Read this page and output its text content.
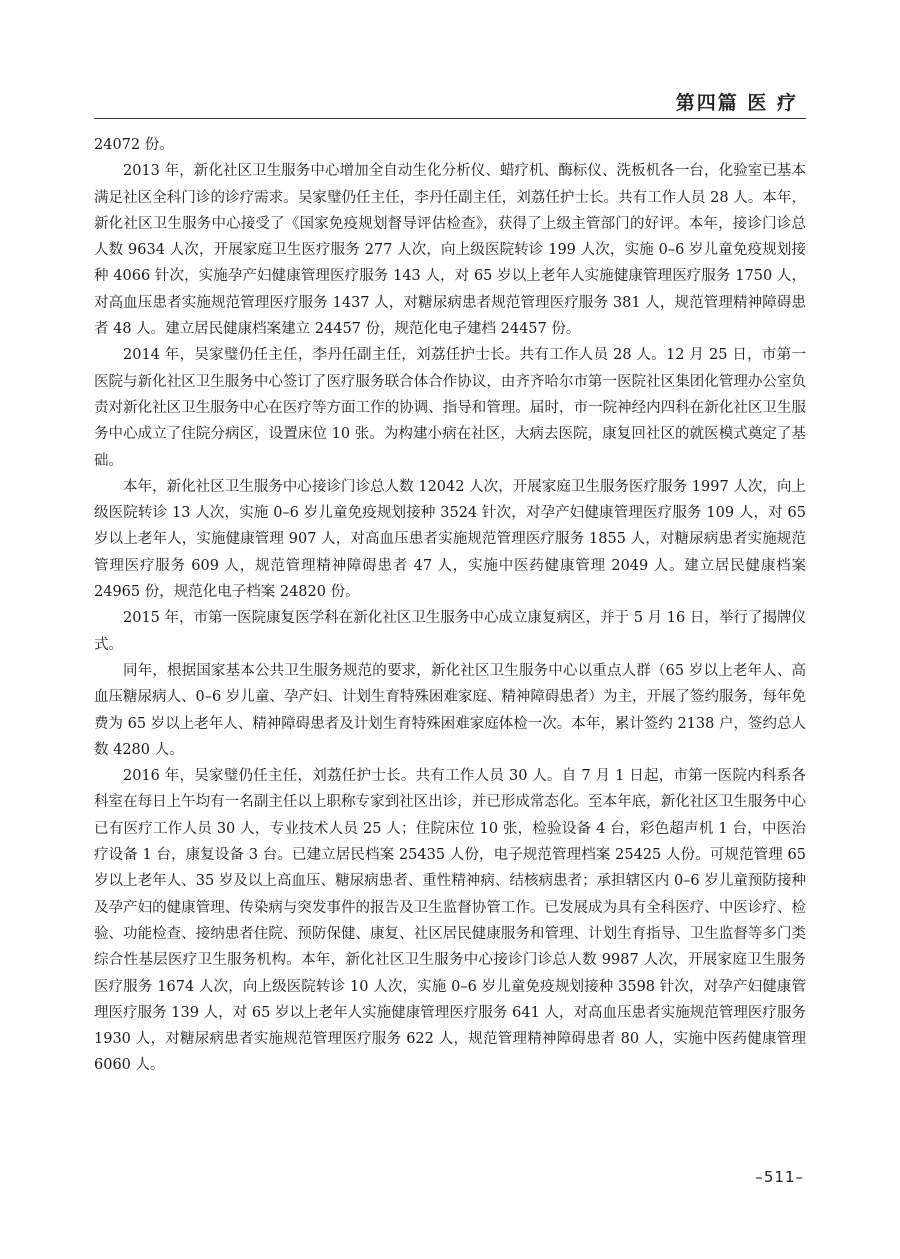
第四篇 医 疗

24072 份。

2013 年，新化社区卫生服务中心增加全自动生化分析仪、蜡疗机、酶标仪、洗板机各一台，化验室已基本满足社区全科门诊的诊疗需求。吴家璧仍任主任，李丹任副主任，刘荔任护士长。共有工作人员 28 人。本年，新化社区卫生服务中心接受了《国家免疫规划督导评估检查》，获得了上级主管部门的好评。本年，接诊门诊总人数 9634 人次，开展家庭卫生医疗服务 277 人次，向上级医院转诊 199 人次，实施 0–6 岁儿童免疫规划接种 4066 针次，实施孕产妇健康管理医疗服务 143 人，对 65 岁以上老年人实施健康管理医疗服务 1750 人，对高血压患者实施规范管理医疗服务 1437 人，对糖尿病患者规范管理医疗服务 381 人，规范管理精神障碍患者 48 人。建立居民健康档案建立 24457 份，规范化电子建档 24457 份。

2014 年，吴家璧仍任主任，李丹任副主任，刘荔任护士长。共有工作人员 28 人。12 月 25 日，市第一医院与新化社区卫生服务中心签订了医疗服务联合体合作协议，由齐齐哈尔市第一医院社区集团化管理办公室负责对新化社区卫生服务中心在医疗等方面工作的协调、指导和管理。届时，市一院神经内四科在新化社区卫生服务中心成立了住院分病区，设置床位 10 张。为构建小病在社区，大病去医院，康复回社区的就医模式奠定了基础。

本年，新化社区卫生服务中心接诊门诊总人数 12042 人次，开展家庭卫生服务医疗服务 1997 人次，向上级医院转诊 13 人次，实施 0–6 岁儿童免疫规划接种 3524 针次，对孕产妇健康管理医疗服务 109 人，对 65 岁以上老年人，实施健康管理 907 人，对高血压患者实施规范管理医疗服务 1855 人，对糖尿病患者实施规范管理医疗服务 609 人，规范管理精神障碍患者 47 人，实施中医药健康管理 2049 人。建立居民健康档案 24965 份，规范化电子档案 24820 份。

2015 年，市第一医院康复医学科在新化社区卫生服务中心成立康复病区，并于 5 月 16 日，举行了揭牌仪式。

同年，根据国家基本公共卫生服务规范的要求，新化社区卫生服务中心以重点人群（65 岁以上老年人、高血压糖尿病人、0–6 岁儿童、孕产妇、计划生育特殊困难家庭、精神障碍患者）为主，开展了签约服务，每年免费为 65 岁以上老年人、精神障碍患者及计划生育特殊困难家庭体检一次。本年，累计签约 2138 户，签约总人数 4280 人。

2016 年，吴家璧仍任主任，刘荔任护士长。共有工作人员 30 人。自 7 月 1 日起，市第一医院内科系各科室在每日上午均有一名副主任以上职称专家到社区出诊，并已形成常态化。至本年底，新化社区卫生服务中心已有医疗工作人员 30 人，专业技术人员 25 人；住院床位 10 张，检验设备 4 台，彩色超声机 1 台，中医治疗设备 1 台，康复设备 3 台。已建立居民档案 25435 人份，电子规范管理档案 25425 人份。可规范管理 65 岁以上老年人、35 岁及以上高血压、糖尿病患者、重性精神病、结核病患者；承担辖区内 0–6 岁儿童预防接种及孕产妇的健康管理、传染病与突发事件的报告及卫生监督协管工作。已发展成为具有全科医疗、中医诊疗、检验、功能检查、接纳患者住院、预防保健、康复、社区居民健康服务和管理、计划生育指导、卫生监督等多门类综合性基层医疗卫生服务机构。本年，新化社区卫生服务中心接诊门诊总人数 9987 人次，开展家庭卫生服务医疗服务 1674 人次，向上级医院转诊 10 人次，实施 0–6 岁儿童免疫规划接种 3598 针次，对孕产妇健康管理医疗服务 139 人，对 65 岁以上老年人实施健康管理医疗服务 641 人，对高血压患者实施规范管理医疗服务 1930 人，对糖尿病患者实施规范管理医疗服务 622 人，规范管理精神障碍患者 80 人，实施中医药健康管理 6060 人。

–511–
